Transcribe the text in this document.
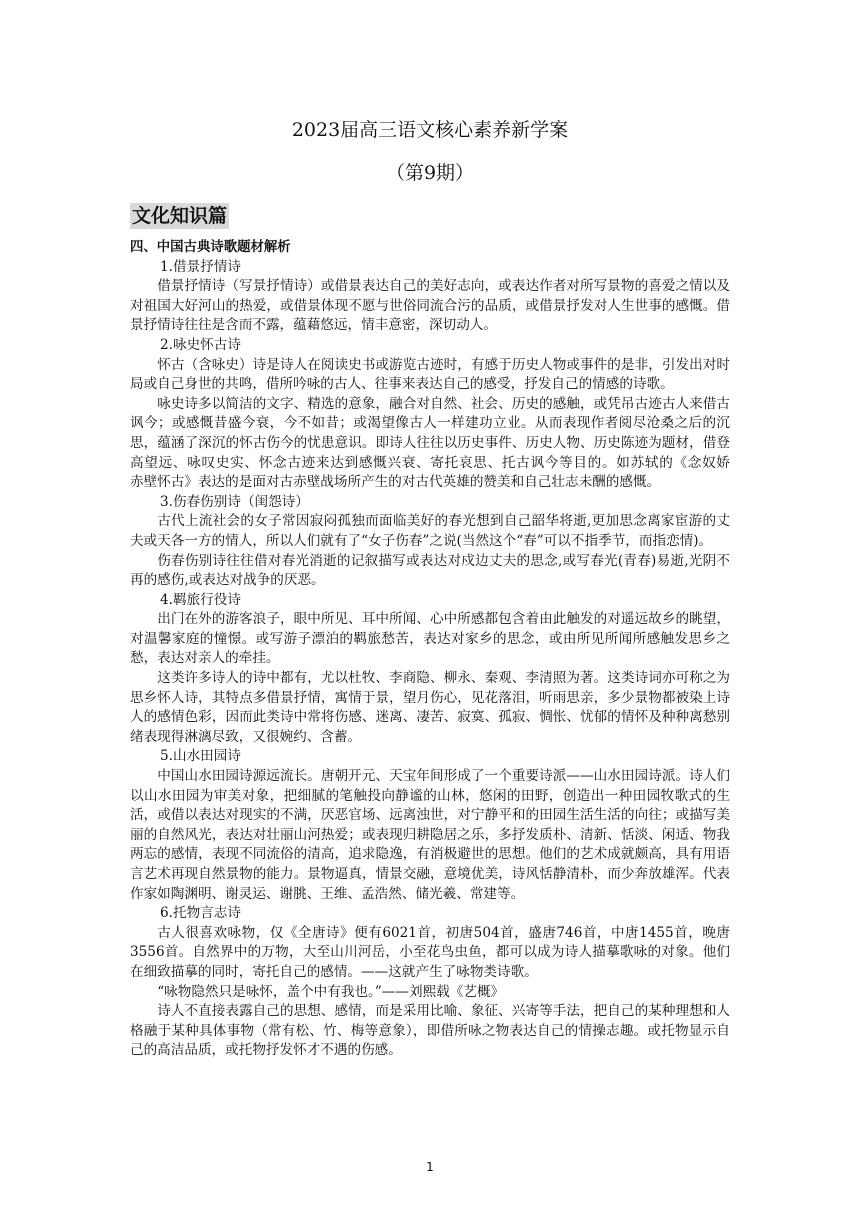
2023届高三语文核心素养新学案
（第9期）
文化知识篇

四、中国古典诗歌题材解析

1.借景抒情诗

借景抒情诗（写景抒情诗）或借景表达自己的美好志向，或表达作者对所写景物的喜爱之情以及对祖国大好河山的热爱，或借景体现不愿与世俗同流合污的品质，或借景抒发对人生世事的感慨。借景抒情诗往往是含而不露，蕴藉悠远，情丰意密，深切动人。

2.咏史怀古诗

怀古（含咏史）诗是诗人在阅读史书或游览古迹时，有感于历史人物或事件的是非，引发出对时局或自己身世的共鸣，借所吟咏的古人、往事来表达自己的感受，抒发自己的情感的诗歌。

咏史诗多以简洁的文字、精选的意象，融合对自然、社会、历史的感触，或凭吊古迹古人来借古讽今；或感慨昔盛今衰，今不如昔；或渴望像古人一样建功立业。从而表现作者阅尽沧桑之后的沉思，蕴涵了深沉的怀古伤今的忧患意识。即诗人往往以历史事件、历史人物、历史陈迹为题材，借登高望远、咏叹史实、怀念古迹来达到感慨兴衰、寄托哀思、托古讽今等目的。如苏轼的《念奴娇　　赤壁怀古》表达的是面对古赤壁战场所产生的对古代英雄的赞美和自己壮志未酬的感慨。

3.伤春伤别诗（闺怨诗）

古代上流社会的女子常因寂闷孤独而面临美好的春光想到自己韶华将逝,更加思念离家宦游的丈夫或天各一方的情人，所以人们就有了“女子伤春”之说(当然这个“春”可以不指季节，而指恋情)。

伤春伤别诗往往借对春光消逝的记叙描写或表达对戍边丈夫的思念,或写春光(青春)易逝,光阴不再的感伤,或表达对战争的厌恶。

4.羁旅行役诗

出门在外的游客浪子，眼中所见、耳中所闻、心中所感都包含着由此触发的对遥远故乡的眺望，对温馨家庭的憧憬。或写游子漂泊的羁旅愁苦，表达对家乡的思念，或由所见所闻所感触发思乡之愁，表达对亲人的牵挂。

这类许多诗人的诗中都有，尤以杜牧、李商隐、柳永、秦观、李清照为著。这类诗词亦可称之为思乡怀人诗，其特点多借景抒情，寓情于景，望月伤心，见花落泪，听雨思亲，多少景物都被染上诗人的感情色彩，因而此类诗中常将伤感、迷离、凄苦、寂寞、孤寂、惆怅、忧郁的情怀及种种离愁别绪表现得淋漓尽致，又很婉约、含蓄。

5.山水田园诗

中国山水田园诗源远流长。唐朝开元、天宝年间形成了一个重要诗派——山水田园诗派。诗人们以山水田园为审美对象，把细腻的笔触投向静谧的山林，悠闲的田野，创造出一种田园牧歌式的生活，或借以表达对现实的不满，厌恶官场、远离浊世，对宁静平和的田园生活生活的向往；或描写美丽的自然风光，表达对壮丽山河热爱；或表现归耕隐居之乐，多抒发质朴、清新、恬淡、闲适、物我两忘的感情，表现不同流俗的清高，追求隐逸，有消极避世的思想。他们的艺术成就颇高，具有用语言艺术再现自然景物的能力。景物逼真，情景交融，意境优美，诗风恬静清朴，而少奔放雄浑。代表作家如陶渊明、谢灵运、谢朓、王维、孟浩然、储光羲、常建等。

6.托物言志诗

古人很喜欢咏物，仅《全唐诗》便有6021首，初唐504首，盛唐746首，中唐1455首，晚唐3556首。自然界中的万物，大至山川河岳，小至花鸟虫鱼，都可以成为诗人描摹歌咏的对象。他们在细致描摹的同时，寄托自己的感情。——这就产生了咏物类诗歌。

“咏物隐然只是咏怀，盖个中有我也。”——刘熙载《艺概》

诗人不直接表露自己的思想、感情，而是采用比喻、象征、兴寄等手法，把自己的某种理想和人格融于某种具体事物（常有松、竹、梅等意象），即借所咏之物表达自己的情操志趣。或托物显示自己的高洁品质，或托物抒发怀才不遇的伤感。

1
